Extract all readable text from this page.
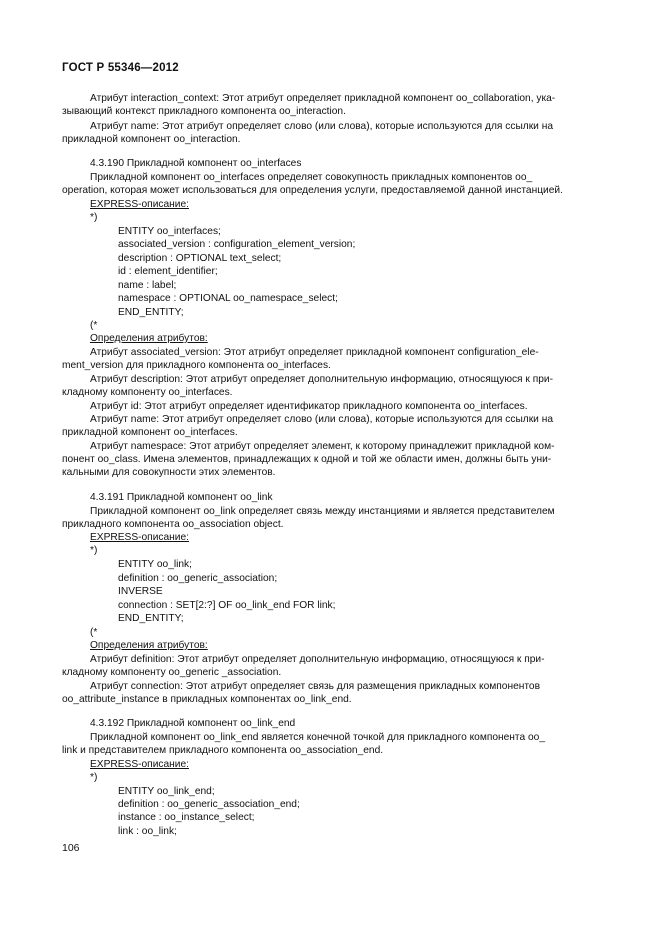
ГОСТ Р 55346—2012
Атрибут interaction_context: Этот атрибут определяет прикладной компонент oo_collaboration, ука-
зывающий контекст прикладного компонента oo_interaction.
Атрибут name: Этот атрибут определяет слово (или слова), которые используются для ссылки на
прикладной компонент oo_interaction.
4.3.190 Прикладной компонент oo_interfaces
Прикладной компонент oo_interfaces определяет совокупность прикладных компонентов oo_
operation, которая может использоваться для определения услуги, предоставляемой данной инстанцией.
EXPRESS-описание:
*)
ENTITY oo_interfaces;
associated_version : configuration_element_version;
description : OPTIONAL text_select;
id : element_identifier;
name : label;
namespace : OPTIONAL oo_namespace_select;
END_ENTITY;
(*
Определения атрибутов:
Атрибут associated_version: Этот атрибут определяет прикладной компонент configuration_ele-
ment_version для прикладного компонента oo_interfaces.
Атрибут description: Этот атрибут определяет дополнительную информацию, относящуюся к при-
кладному компоненту oo_interfaces.
Атрибут id: Этот атрибут определяет идентификатор прикладного компонента oo_interfaces.
Атрибут name: Этот атрибут определяет слово (или слова), которые используются для ссылки на
прикладной компонент oo_interfaces.
Атрибут namespace: Этот атрибут определяет элемент, к которому принадлежит прикладной ком-
понент oo_class. Имена элементов, принадлежащих к одной и той же области имен, должны быть уни-
кальными для совокупности этих элементов.
4.3.191 Прикладной компонент oo_link
Прикладной компонент oo_link определяет связь между инстанциями и является представителем
прикладного компонента oo_association object.
EXPRESS-описание:
*)
ENTITY oo_link;
definition : oo_generic_association;
INVERSE
connection : SET[2:?] OF oo_link_end FOR link;
END_ENTITY;
(*
Определения атрибутов:
Атрибут definition: Этот атрибут определяет дополнительную информацию, относящуюся к при-
кладному компоненту oo_generic _association.
Атрибут connection: Этот атрибут определяет связь для размещения прикладных компонентов
oo_attribute_instance в прикладных компонентах oo_link_end.
4.3.192 Прикладной компонент oo_link_end
Прикладной компонент oo_link_end является конечной точкой для прикладного компонента oo_
link и представителем прикладного компонента oo_association_end.
EXPRESS-описание:
*)
ENTITY oo_link_end;
definition : oo_generic_association_end;
instance : oo_instance_select;
link : oo_link;
106
